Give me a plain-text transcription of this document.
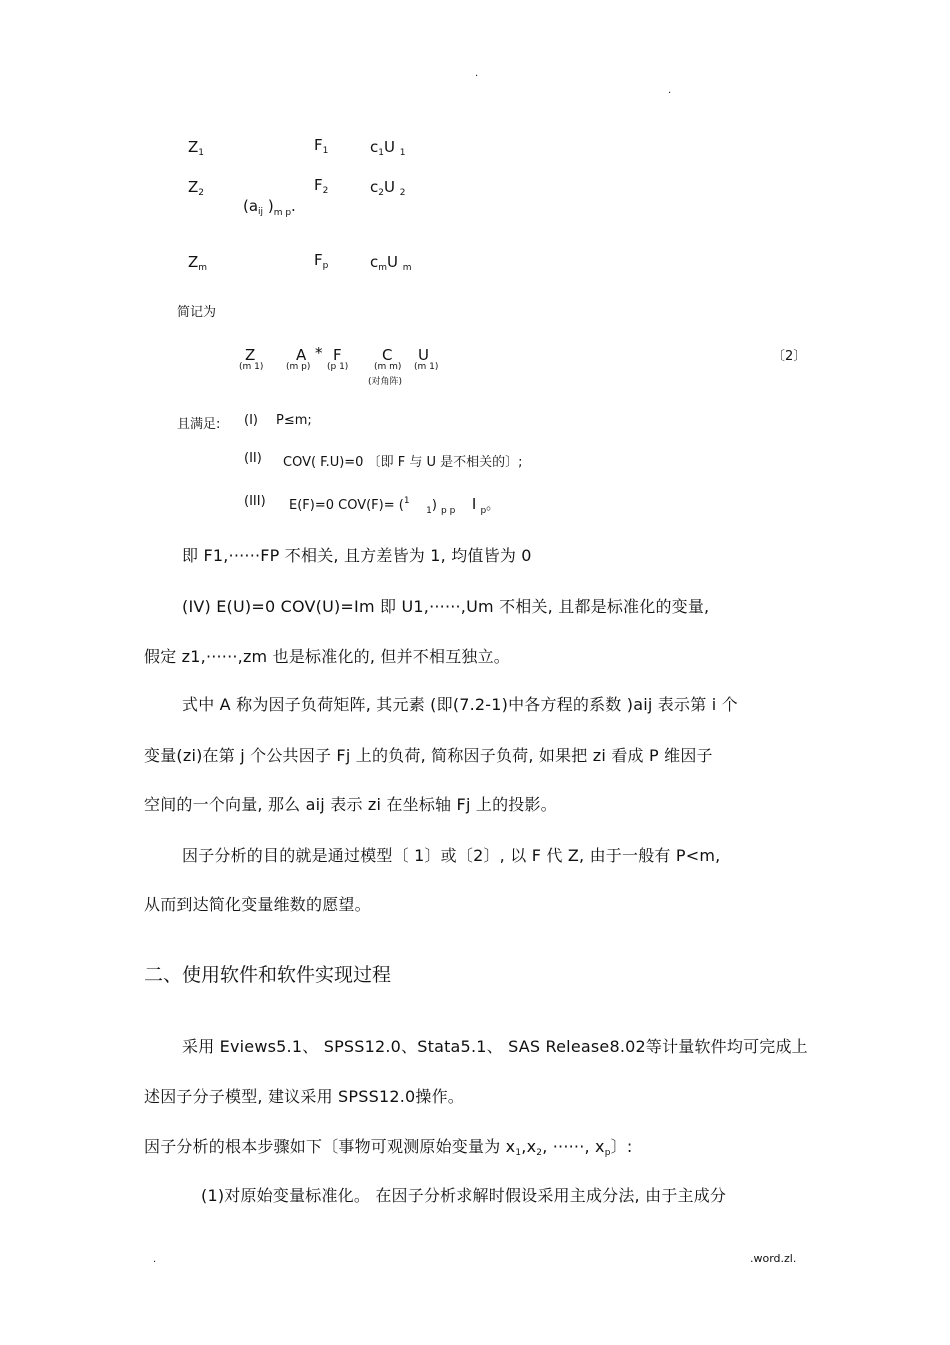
.
.
$Z_1$	$F_1$	$c_1U$ $_1$
$Z_2$	$F_2$	$c_2U$ $_2$
($a_{ij}$ )$_{m p}$.
$Z_m$	$F_p$	$c_mU$ $_m$
简记为
Z	A * F	C U
(m 1)	(m p) (p 1)	(m m) (m 1)
(对角阵)
〔2〕
且满足: (I) P≤m;
(II) COV( F.U)=0 〔即 F 与 U 是不相关的〕;
(III) E(F)=0 COV(F)= ($^1$    $_1$) $_{p p}$ I $_p$。
即 F1,······FP 不相关, 且方差皆为 1, 均值皆为 0
(IV) E(U)=0 COV(U)=Im 即 U1,······,Um 不相关, 且都是标准化的变量,
假定 z1,······,zm 也是标准化的, 但并不相互独立。
式中 A 称为因子负荷矩阵, 其元素 (即(7.2-1)中各方程的系数 )aij 表示第 i 个
变量(zi)在第 j 个公共因子 Fj 上的负荷, 简称因子负荷, 如果把 zi 看成 P 维因子
空间的一个向量, 那么 aij 表示 zi 在坐标轴 Fj 上的投影。
因子分析的目的就是通过模型〔 1〕或〔2〕, 以 F 代 Z, 由于一般有 P<m,
从而到达简化变量维数的愿望。
二、使用软件和软件实现过程
采用 Eviews5.1、 SPSS12.0、Stata5.1、 SAS Release8.02等计量软件均可完成上
述因子分子模型, 建议采用 SPSS12.0操作。
因子分析的根本步骤如下〔事物可观测原始变量为 $x_1,x_2$, ······, $x_p$〕:
(1)对原始变量标准化。 在因子分析求解时假设采用主成分法, 由于主成分
.	.word.zl.
